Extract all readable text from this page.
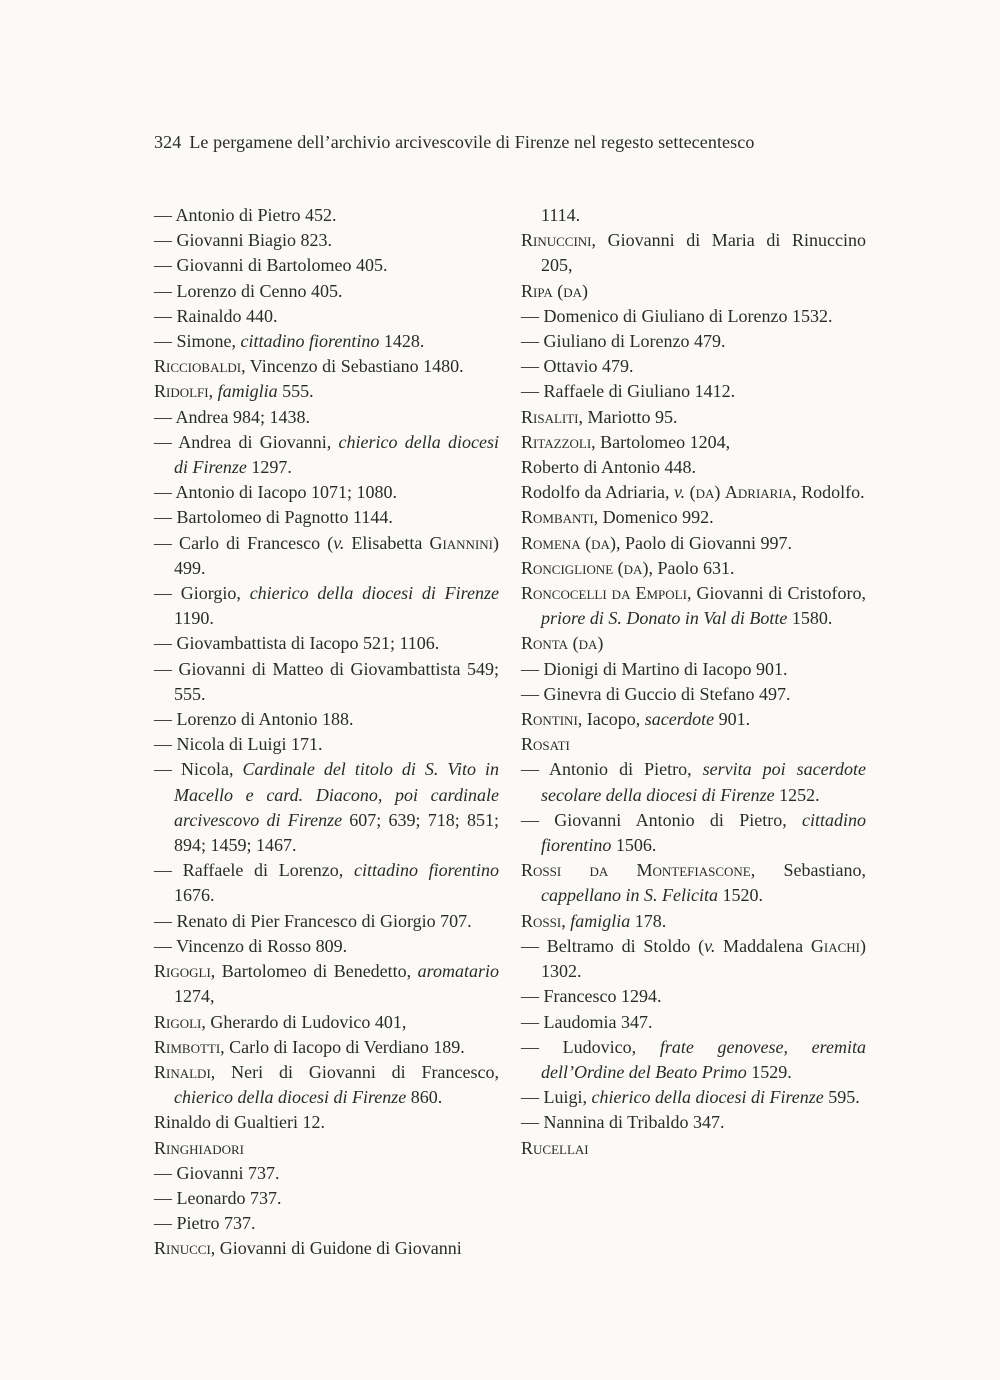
324 Le pergamene dell’archivio arcivescovile di Firenze nel regesto settecentesco
— Antonio di Pietro 452.
— Giovanni Biagio 823.
— Giovanni di Bartolomeo 405.
— Lorenzo di Cenno 405.
— Rainaldo 440.
— Simone, cittadino fiorentino 1428.
Ricciobaldi, Vincenzo di Sebastiano 1480.
Ridolfi, famiglia 555.
— Andrea 984; 1438.
— Andrea di Giovanni, chierico della diocesi di Firenze 1297.
— Antonio di Iacopo 1071; 1080.
— Bartolomeo di Pagnotto 1144.
— Carlo di Francesco (v. Elisabetta Giannini) 499.
— Giorgio, chierico della diocesi di Firenze 1190.
— Giovambattista di Iacopo 521; 1106.
— Giovanni di Matteo di Giovambattista 549; 555.
— Lorenzo di Antonio 188.
— Nicola di Luigi 171.
— Nicola, Cardinale del titolo di S. Vito in Macello e card. Diacono, poi cardinale arcivescovo di Firenze 607; 639; 718; 851; 894; 1459; 1467.
— Raffaele di Lorenzo, cittadino fiorentino 1676.
— Renato di Pier Francesco di Giorgio 707.
— Vincenzo di Rosso 809.
Rigogli, Bartolomeo di Benedetto, aromatario 1274,
Rigoli, Gherardo di Ludovico 401,
Rimbotti, Carlo di Iacopo di Verdiano 189.
Rinaldi, Neri di Giovanni di Francesco, chierico della diocesi di Firenze 860.
Rinaldo di Gualtieri 12.
Ringhiadori
— Giovanni 737.
— Leonardo 737.
— Pietro 737.
Rinucci, Giovanni di Guidone di Giovanni
1114.
Rinuccini, Giovanni di Maria di Rinuccino 205,
Ripa (da)
— Domenico di Giuliano di Lorenzo 1532.
— Giuliano di Lorenzo 479.
— Ottavio 479.
— Raffaele di Giuliano 1412.
Risaliti, Mariotto 95.
Ritazzoli, Bartolomeo 1204,
Roberto di Antonio 448.
Rodolfo da Adriaria, v. (da) Adriaria, Rodolfo.
Rombanti, Domenico 992.
Romena (da), Paolo di Giovanni 997.
Ronciglione (da), Paolo 631.
Roncocelli da Empoli, Giovanni di Cristoforo, priore di S. Donato in Val di Botte 1580.
Ronta (da)
— Dionigi di Martino di Iacopo 901.
— Ginevra di Guccio di Stefano 497.
Rontini, Iacopo, sacerdote 901.
Rosati
— Antonio di Pietro, servita poi sacerdote secolare della diocesi di Firenze 1252.
— Giovanni Antonio di Pietro, cittadino fiorentino 1506.
Rossi da Montefiascone, Sebastiano, cappellano in S. Felicita 1520.
Rossi, famiglia 178.
— Beltramo di Stoldo (v. Maddalena Giachi) 1302.
— Francesco 1294.
— Laudomia 347.
— Ludovico, frate genovese, eremita dell’Ordine del Beato Primo 1529.
— Luigi, chierico della diocesi di Firenze 595.
— Nannina di Tribaldo 347.
Rucellai
